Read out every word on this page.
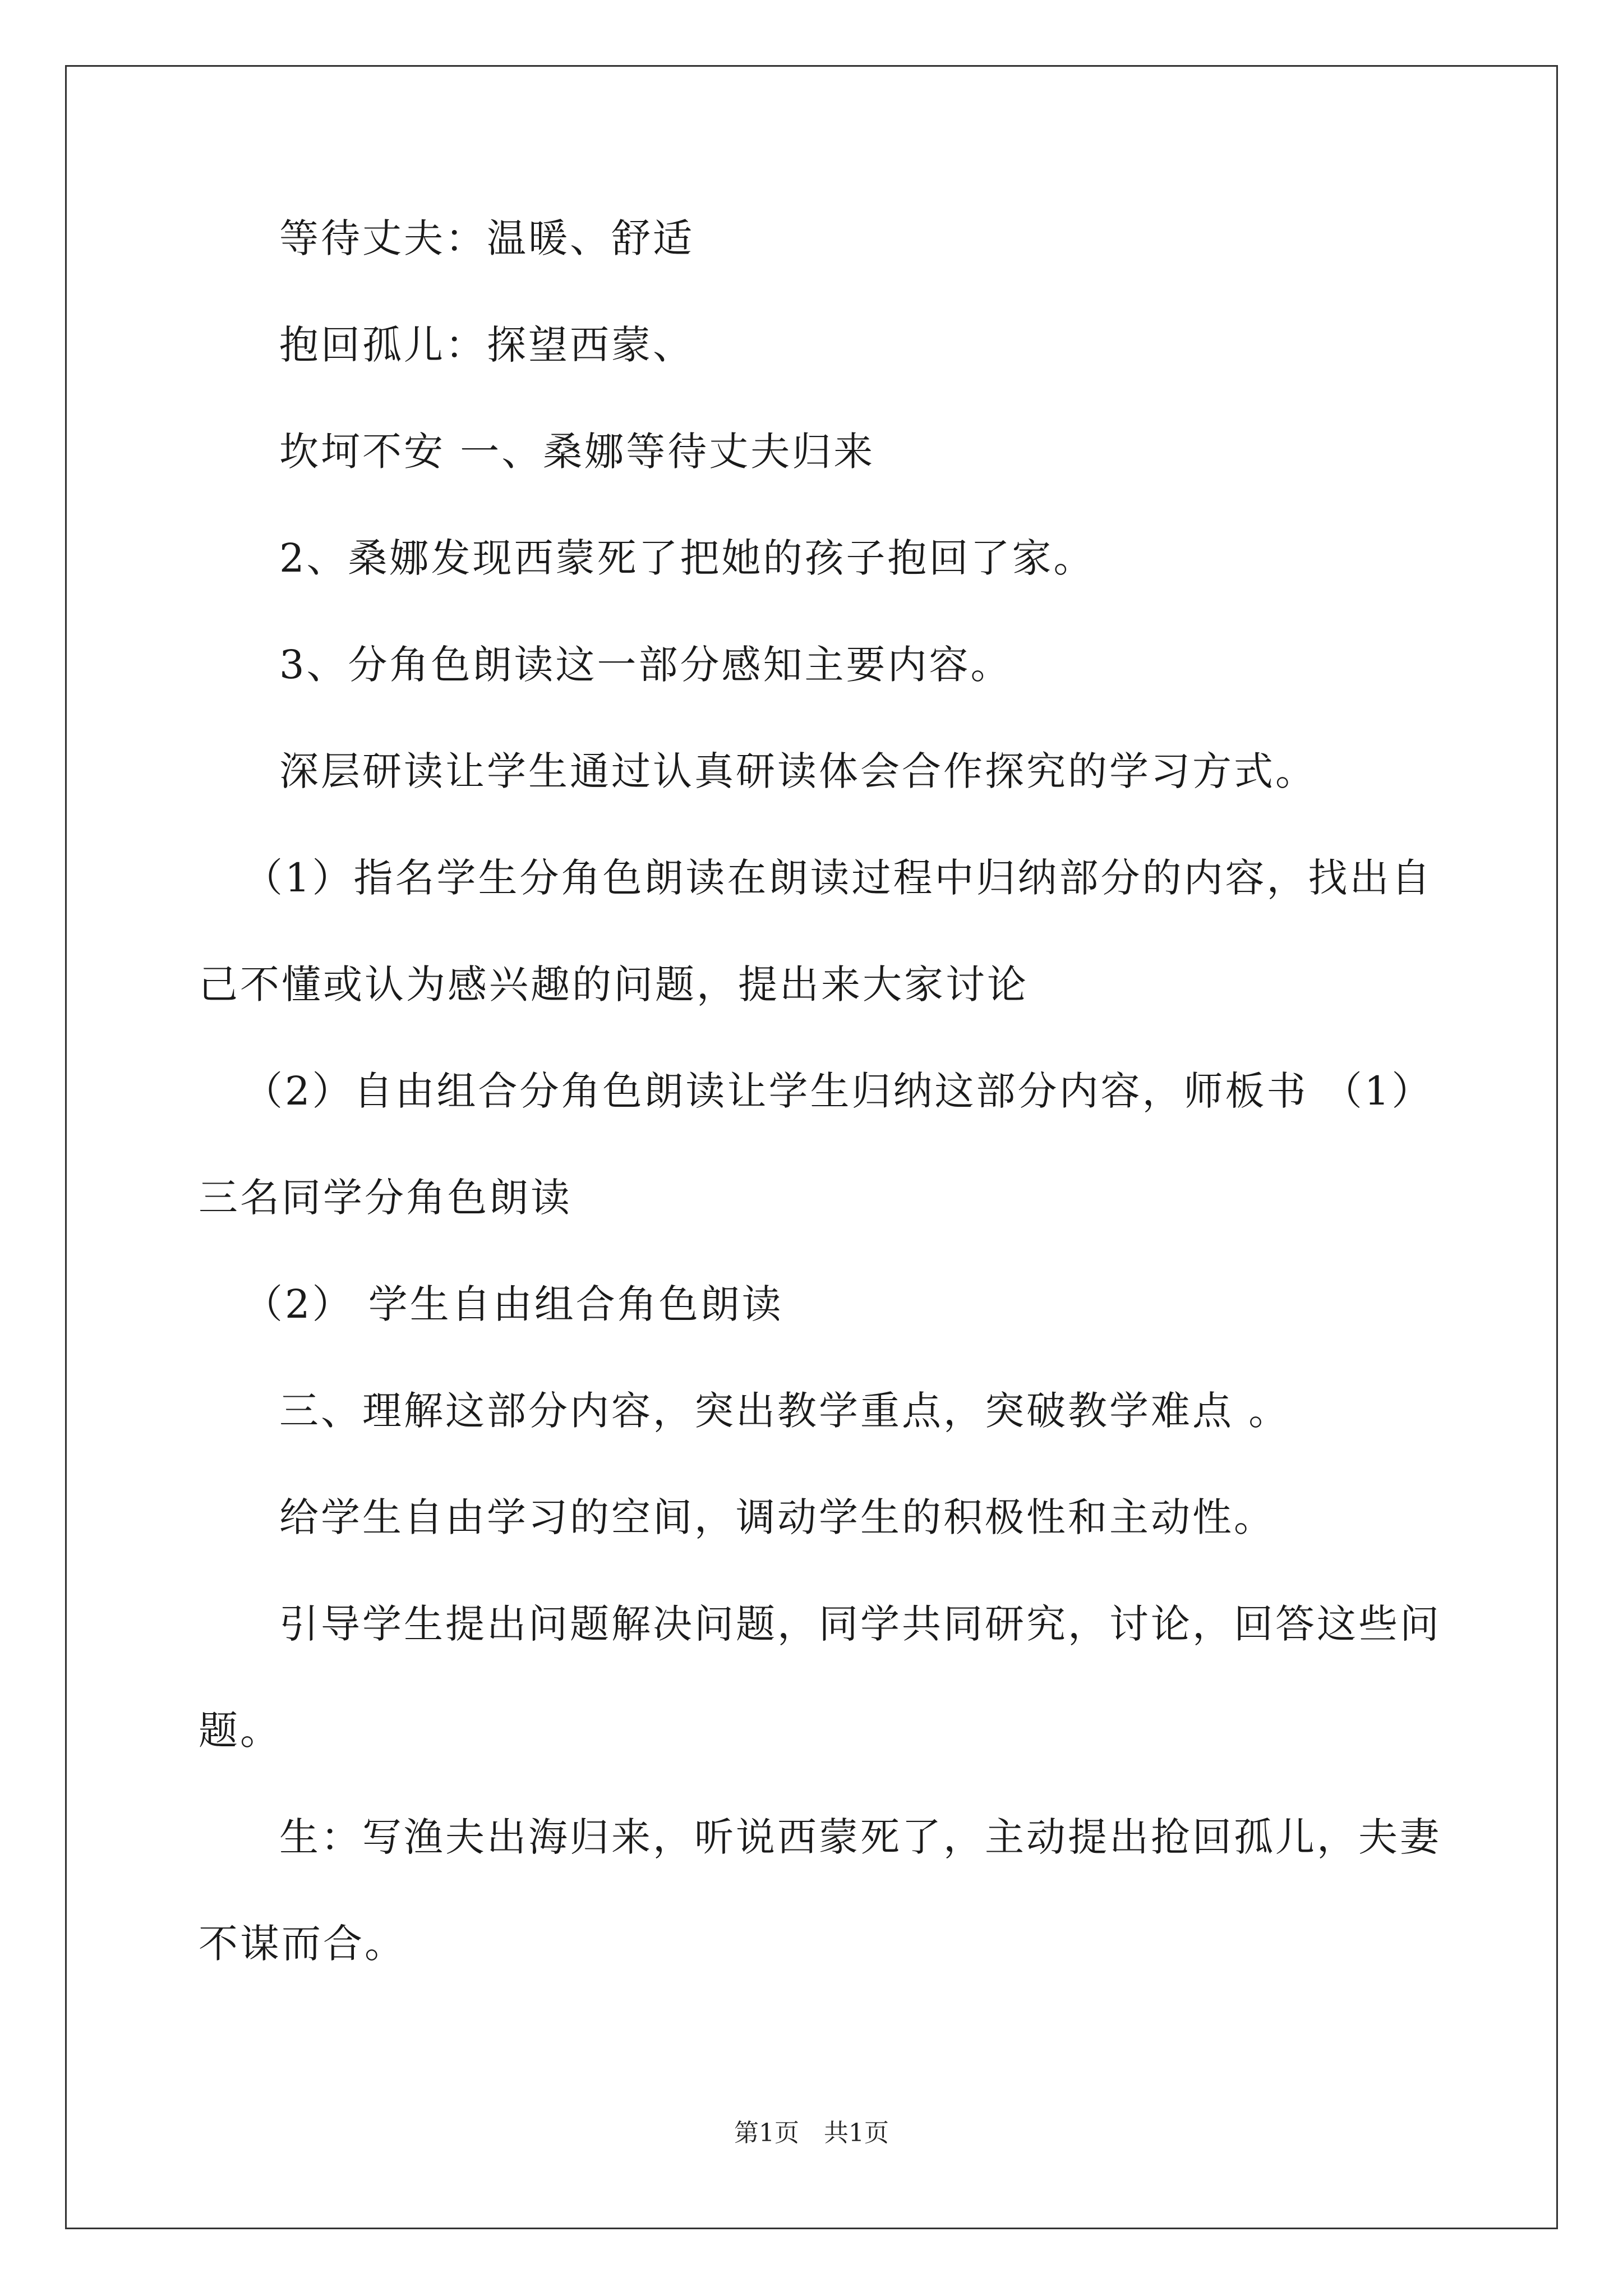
等待丈夫：温暖、舒适
抱回孤儿：探望西蒙、
坎坷不安 一、桑娜等待丈夫归来
2、桑娜发现西蒙死了把她的孩子抱回了家。
3、分角色朗读这一部分感知主要内容。
深层研读让学生通过认真研读体会合作探究的学习方式。
（1）指名学生分角色朗读在朗读过程中归纳部分的内容，找出自
己不懂或认为感兴趣的问题，提出来大家讨论
（2）自由组合分角色朗读让学生归纳这部分内容，师板书 （1）
三名同学分角色朗读
（2） 学生自由组合角色朗读
三、理解这部分内容，突出教学重点，突破教学难点 。
给学生自由学习的空间，调动学生的积极性和主动性。
引导学生提出问题解决问题，同学共同研究，讨论，回答这些问
题。
生：写渔夫出海归来，听说西蒙死了，主动提出抢回孤儿，夫妻
不谋而合。
第1页　共1页
